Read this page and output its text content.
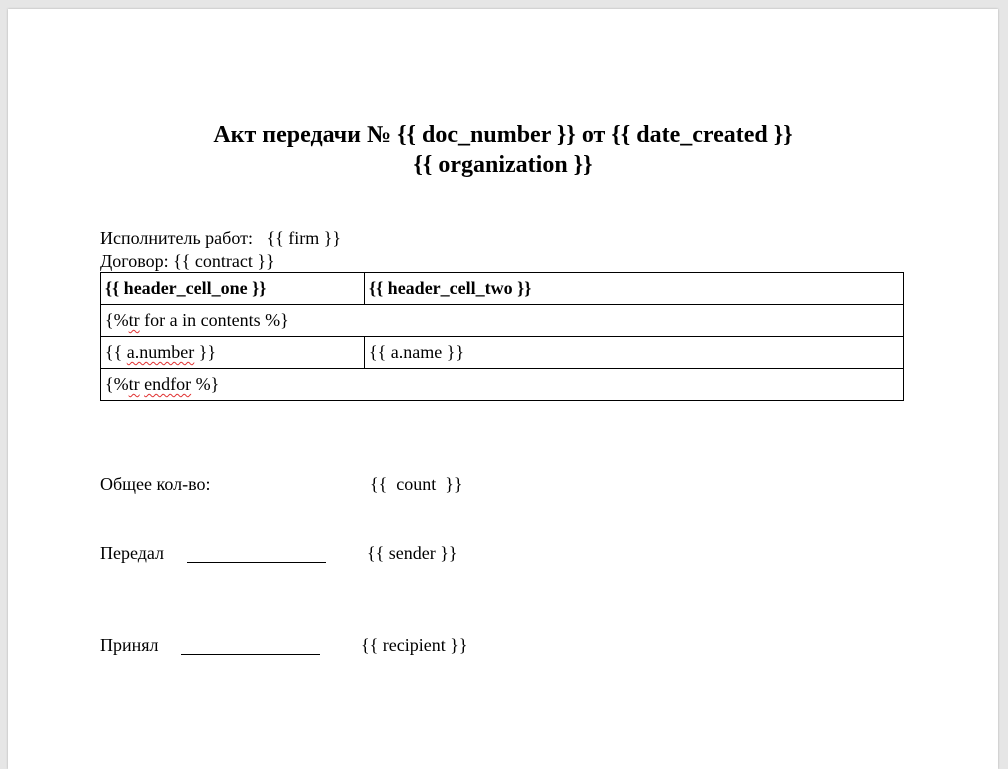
Акт передачи № {{ doc_number }} от {{ date_created }}
{{ organization }}
Исполнитель работ: {{ firm }}
Договор: {{ contract }}
{{ header_cell_one }}	{{ header_cell_two }}
{%tr for a in contents %}	
{{ a.number }}	{{ a.name }}
{%tr endfor %}	
Общее кол-во:	{{  count  }}
Передал	{{ sender }}
Принял	{{ recipient }}
